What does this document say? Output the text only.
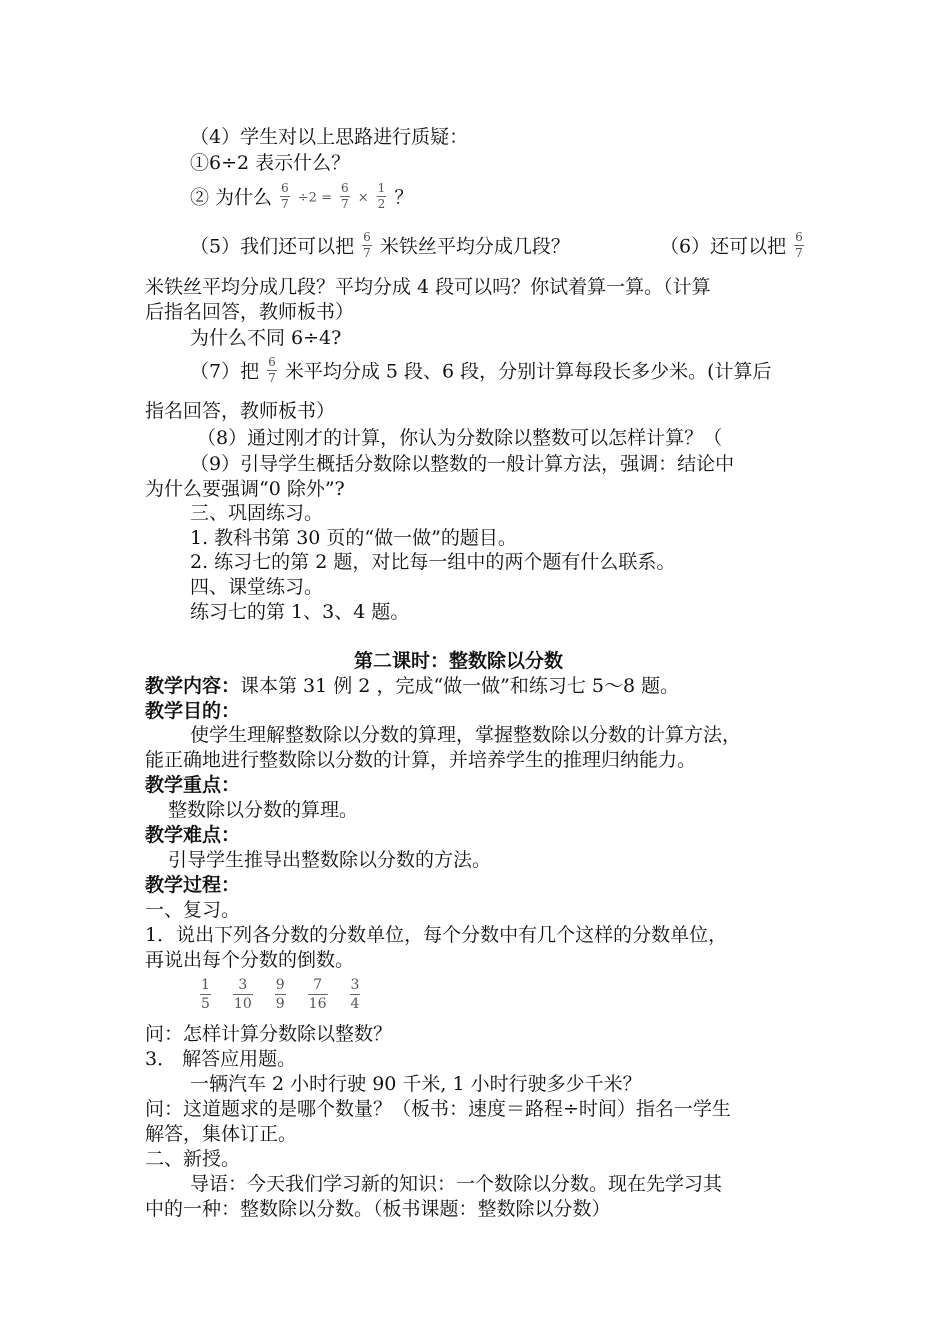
（4）学生对以上思路进行质疑：
①6÷2 表示什么？
② 为什么 $\frac{6}{7} \div 2 = \frac{6}{7} \times \frac{1}{2}$ ？
（5）我们还可以把 $\frac{6}{7}$ 米铁丝平均分成几段？	（6）还可以把 $\frac{6}{7}$
米铁丝平均分成几段？平均分成 4 段可以吗？你试着算一算。（计算
后指名回答，教师板书）
为什么不同 6÷4?
（7）把 $\frac{6}{7}$ 米平均分成 5 段、6 段，分别计算每段长多少米。(计算后
指名回答，教师板书）
（8）通过刚才的计算，你认为分数除以整数可以怎样计算？（
（9）引导学生概括分数除以整数的一般计算方法，强调：结论中
为什么要强调“0 除外”?
三、巩固练习。
1. 教科书第 30 页的“做一做”的题目。
2. 练习七的第 2 题，对比每一组中的两个题有什么联系。
四、课堂练习。
练习七的第 1、3、4 题。
第二课时：整数除以分数
教学内容：课本第 31 例 2 ，完成“做一做”和练习七 5～8 题。
教学目的：
使学生理解整数除以分数的算理，掌握整数除以分数的计算方法，
能正确地进行整数除以分数的计算，并培养学生的推理归纳能力。
教学重点：
整数除以分数的算理。
教学难点：
引导学生推导出整数除以分数的方法。
教学过程：
一、复习。
1．说出下列各分数的分数单位，每个分数中有几个这样的分数单位，
再说出每个分数的倒数。
$\frac{1}{5} \frac{3}{10} \frac{9}{9} \frac{7}{16} \frac{3}{4}$
问：怎样计算分数除以整数？
3． 解答应用题。
一辆汽车 2 小时行驶 90 千米, 1 小时行驶多少千米？
问：这道题求的是哪个数量？（板书：速度＝路程÷时间）指名一学生
解答，集体订正。
二、新授。
导语：今天我们学习新的知识：一个数除以分数。现在先学习其
中的一种：整数除以分数。（板书课题：整数除以分数）
